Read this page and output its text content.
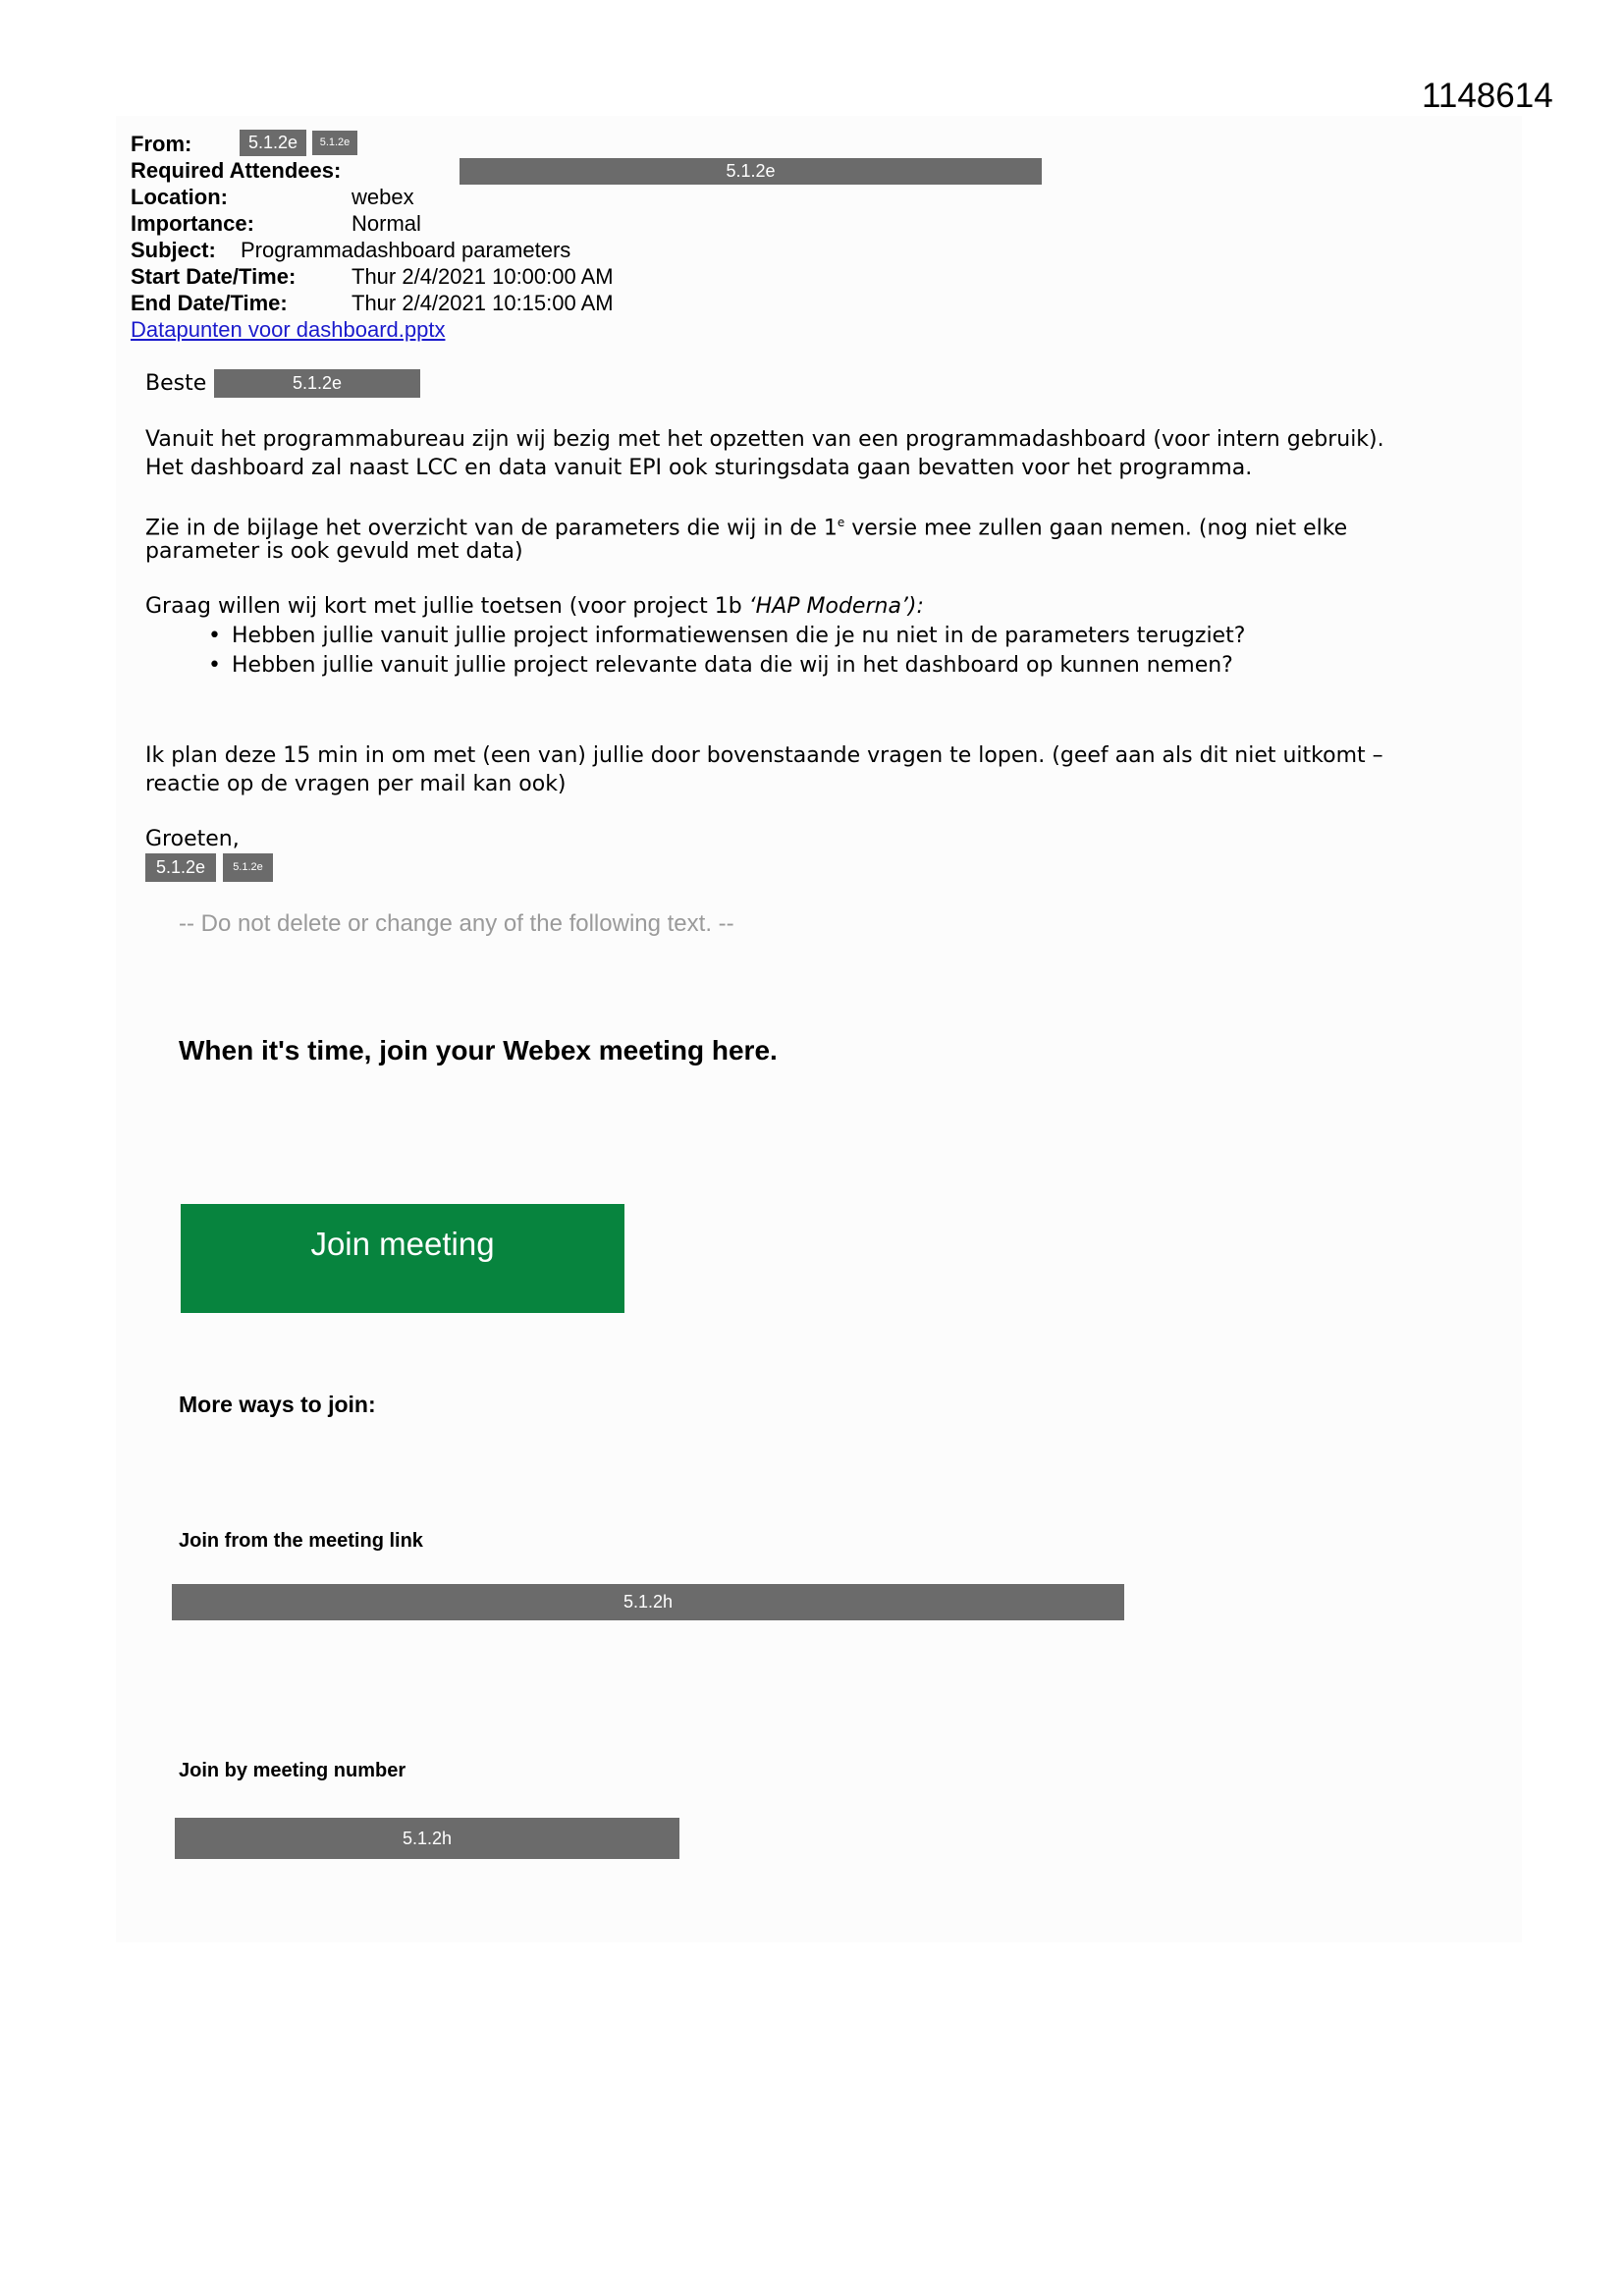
1148614
From:	5.1.2e	5.1.2e
Required Attendees:	5.1.2e
Location:	webex
Importance:	Normal
Subject: Programmadashboard parameters
Start Date/Time:	Thur 2/4/2021 10:00:00 AM
End Date/Time:	Thur 2/4/2021 10:15:00 AM
Datapunten voor dashboard.pptx
Beste	5.1.2e
Vanuit het programmabureau zijn wij bezig met het opzetten van een programmadashboard (voor intern gebruik).
Het dashboard zal naast LCC en data vanuit EPI ook sturingsdata gaan bevatten voor het programma.
Zie in de bijlage het overzicht van de parameters die wij in de 1e versie mee zullen gaan nemen. (nog niet elke
parameter is ook gevuld met data)
Graag willen wij kort met jullie toetsen (voor project 1b ‘HAP Moderna’):
• Hebben jullie vanuit jullie project informatiewensen die je nu niet in de parameters terugziet?
• Hebben jullie vanuit jullie project relevante data die wij in het dashboard op kunnen nemen?
Ik plan deze 15 min in om met (een van) jullie door bovenstaande vragen te lopen. (geef aan als dit niet uitkomt –
reactie op de vragen per mail kan ook)
Groeten,
5.1.2e	5.1.2e
-- Do not delete or change any of the following text. --
When it's time, join your Webex meeting here.
Join meeting
More ways to join:
Join from the meeting link
5.1.2h
Join by meeting number
5.1.2h
